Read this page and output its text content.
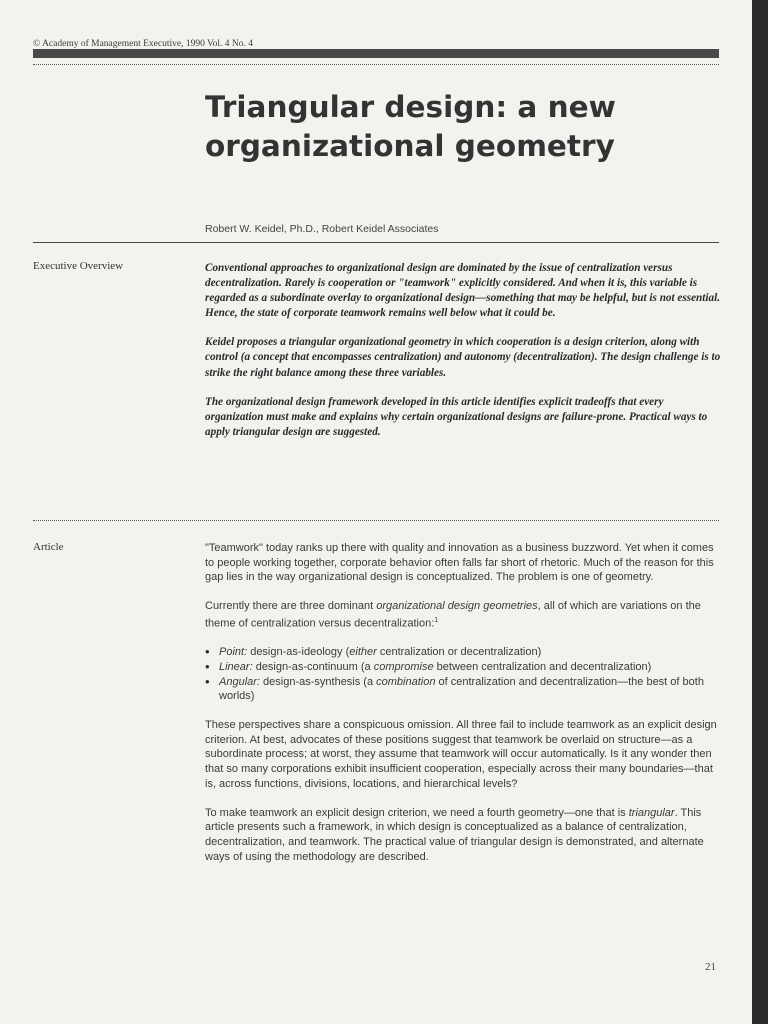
© Academy of Management Executive, 1990 Vol. 4 No. 4
Triangular design: a new
organizational geometry
Robert W. Keidel, Ph.D., Robert Keidel Associates
Executive Overview	Conventional approaches to organizational design are dominated by the issue of centralization versus decentralization. Rarely is cooperation or "teamwork" explicitly considered. And when it is, this variable is regarded as a subordinate overlay to organizational design—something that may be helpful, but is not essential. Hence, the state of corporate teamwork remains well below what it could be.

Keidel proposes a triangular organizational geometry in which cooperation is a design criterion, along with control (a concept that encompasses centralization) and autonomy (decentralization). The design challenge is to strike the right balance among these three variables.

The organizational design framework developed in this article identifies explicit tradeoffs that every organization must make and explains why certain organizational designs are failure-prone. Practical ways to apply triangular design are suggested.

Article	"Teamwork" today ranks up there with quality and innovation as a business buzzword. Yet when it comes to people working together, corporate behavior often falls far short of rhetoric. Much of the reason for this gap lies in the way organizational design is conceptualized. The problem is one of geometry.

Currently there are three dominant organizational design geometries, all of which are variations on the theme of centralization versus decentralization:$^1$

• Point: design-as-ideology (either centralization or decentralization)
• Linear: design-as-continuum (a compromise between centralization and decentralization)
• Angular: design-as-synthesis (a combination of centralization and decentralization—the best of both worlds)

These perspectives share a conspicuous omission. All three fail to include teamwork as an explicit design criterion. At best, advocates of these positions suggest that teamwork be overlaid on structure—as a subordinate process; at worst, they assume that teamwork will occur automatically. Is it any wonder then that so many corporations exhibit insufficient cooperation, especially across their many boundaries—that is, across functions, divisions, locations, and hierarchical levels?

To make teamwork an explicit design criterion, we need a fourth geometry—one that is triangular. This article presents such a framework, in which design is conceptualized as a balance of centralization, decentralization, and teamwork. The practical value of triangular design is demonstrated, and alternate ways of using the methodology are described.

21
